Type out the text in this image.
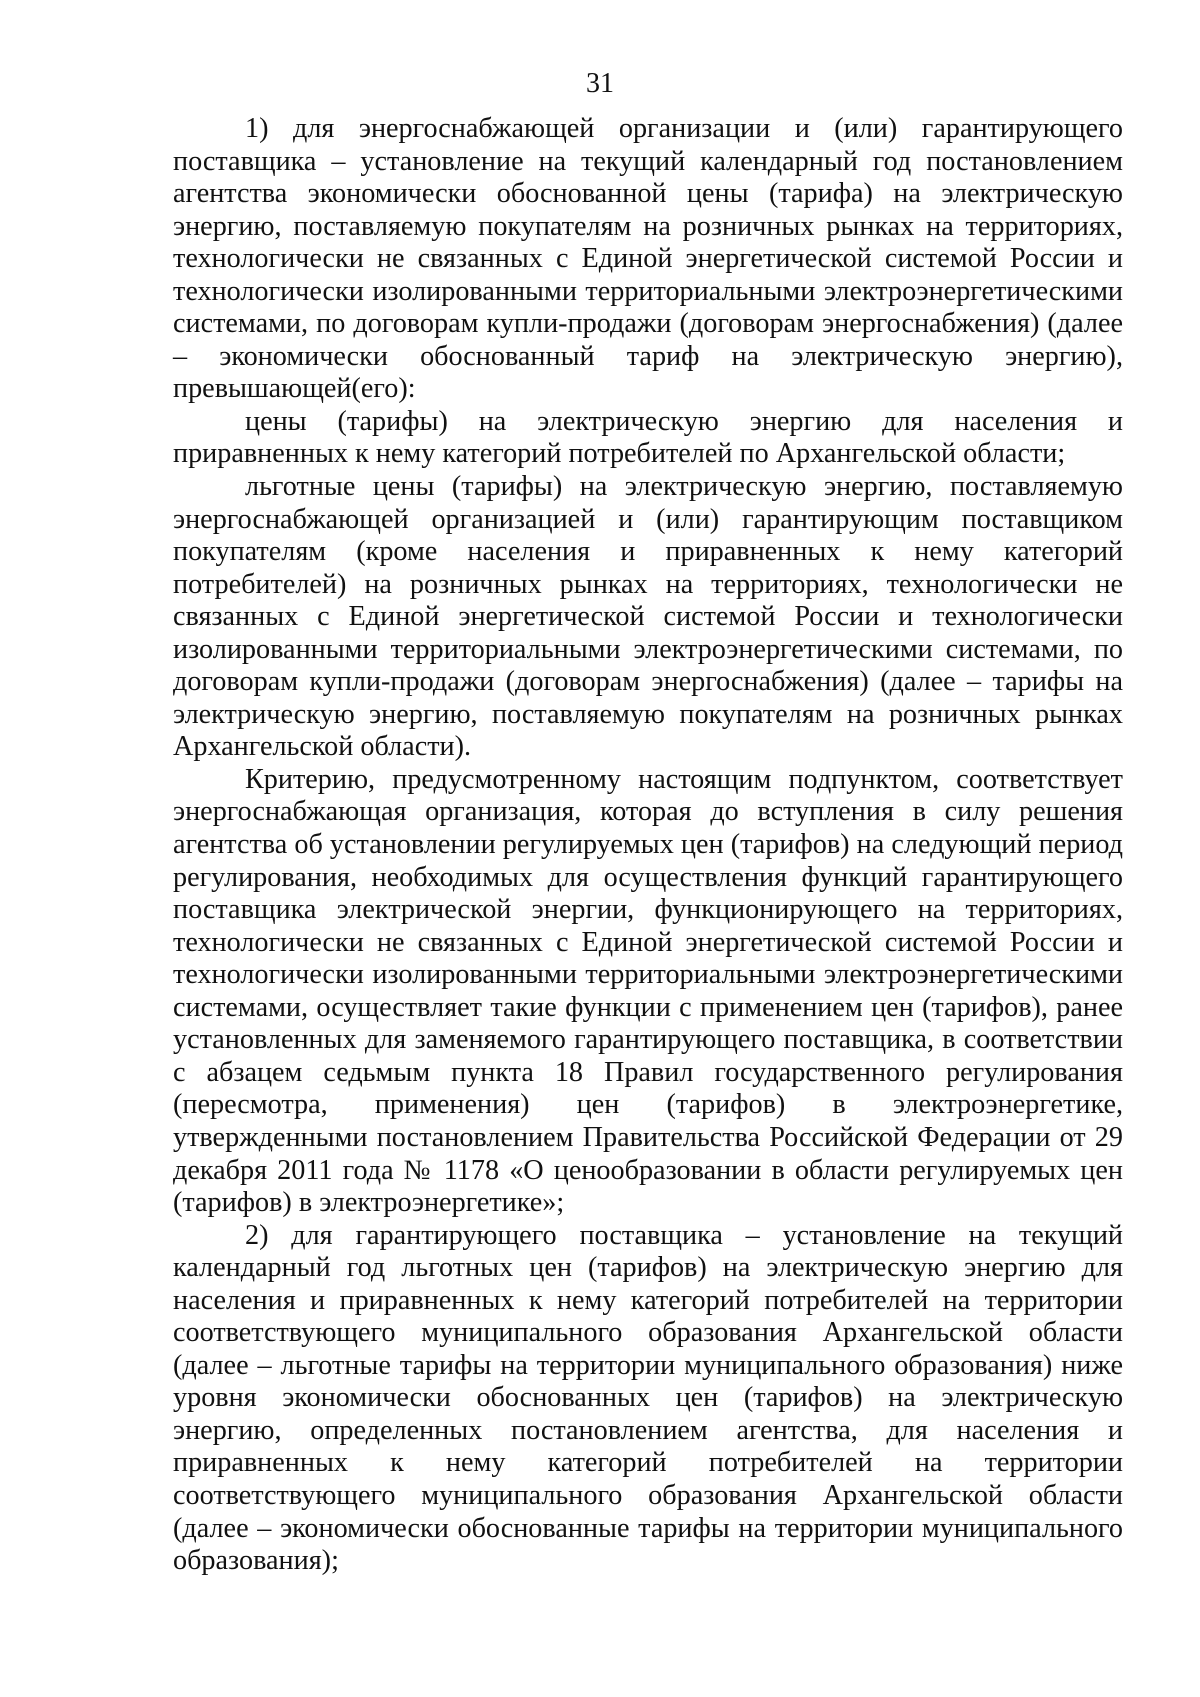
31

1) для энергоснабжающей организации и (или) гарантирующего поставщика – установление на текущий календарный год постановлением агентства экономически обоснованной цены (тарифа) на электрическую энергию, поставляемую покупателям на розничных рынках на территориях, технологически не связанных с Единой энергетической системой России и технологически изолированными территориальными электроэнергетическими системами, по договорам купли-продажи (договорам энергоснабжения) (далее – экономически обоснованный тариф на электрическую энергию), превышающей(его):

цены (тарифы) на электрическую энергию для населения и приравненных к нему категорий потребителей по Архангельской области;

льготные цены (тарифы) на электрическую энергию, поставляемую энергоснабжающей организацией и (или) гарантирующим поставщиком покупателям (кроме населения и приравненных к нему категорий потребителей) на розничных рынках на территориях, технологически не связанных с Единой энергетической системой России и технологически изолированными территориальными электроэнергетическими системами, по договорам купли-продажи (договорам энергоснабжения) (далее – тарифы на электрическую энергию, поставляемую покупателям на розничных рынках Архангельской области).

Критерию, предусмотренному настоящим подпунктом, соответствует энергоснабжающая организация, которая до вступления в силу решения агентства об установлении регулируемых цен (тарифов) на следующий период регулирования, необходимых для осуществления функций гарантирующего поставщика электрической энергии, функционирующего на территориях, технологически не связанных с Единой энергетической системой России и технологически изолированными территориальными электроэнергетическими системами, осуществляет такие функции с применением цен (тарифов), ранее установленных для заменяемого гарантирующего поставщика, в соответствии с абзацем седьмым пункта 18 Правил государственного регулирования (пересмотра, применения) цен (тарифов) в электроэнергетике, утвержденными постановлением Правительства Российской Федерации от 29 декабря 2011 года № 1178 «О ценообразовании в области регулируемых цен (тарифов) в электроэнергетике»;

2) для гарантирующего поставщика – установление на текущий календарный год льготных цен (тарифов) на электрическую энергию для населения и приравненных к нему категорий потребителей на территории соответствующего муниципального образования Архангельской области (далее – льготные тарифы на территории муниципального образования) ниже уровня экономически обоснованных цен (тарифов) на электрическую энергию, определенных постановлением агентства, для населения и приравненных к нему категорий потребителей на территории соответствующего муниципального образования Архангельской области (далее – экономически обоснованные тарифы на территории муниципального образования);
